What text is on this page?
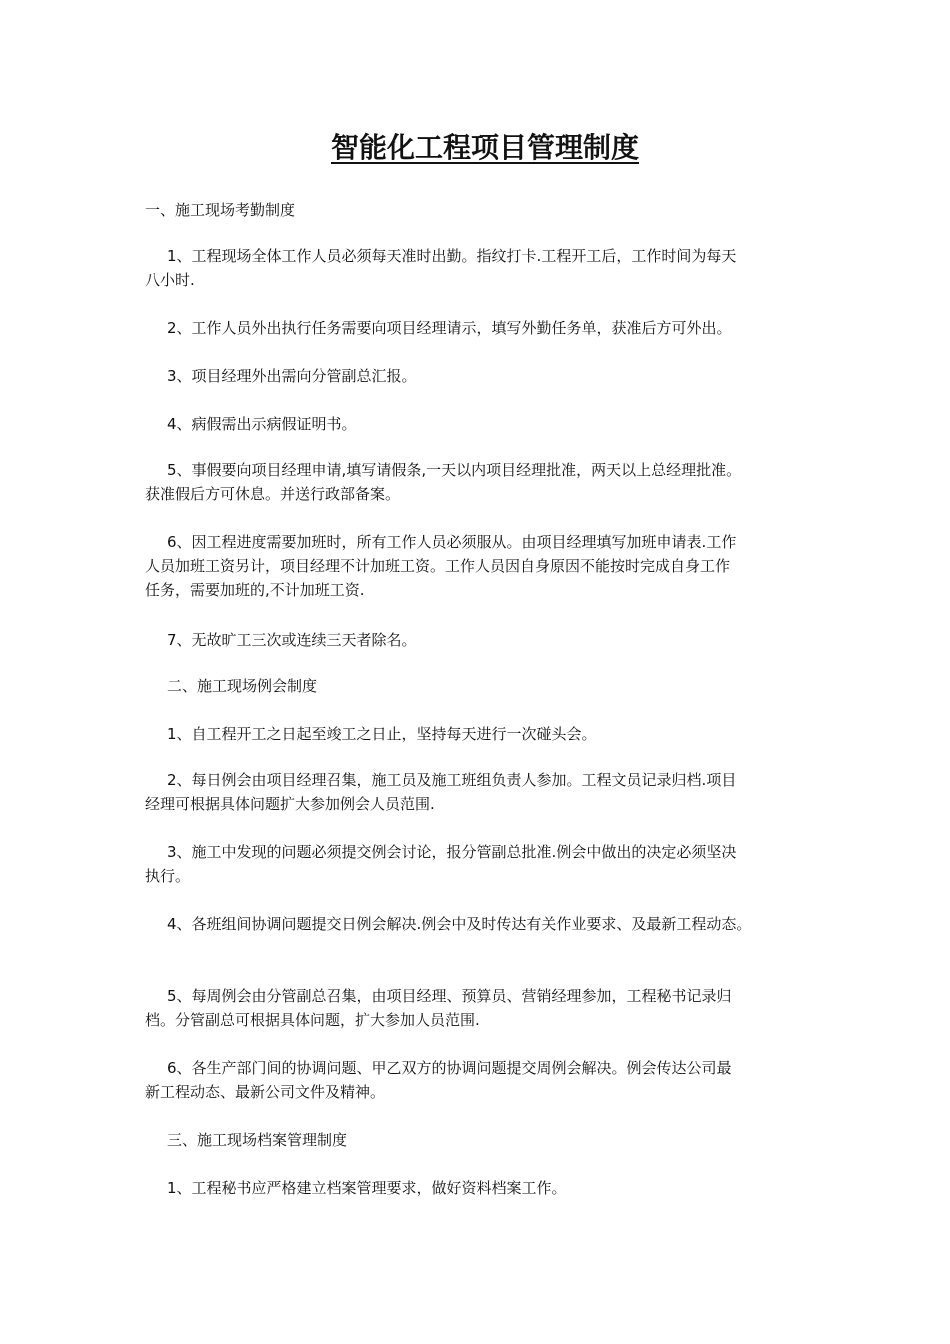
智能化工程项目管理制度

一、施工现场考勤制度

1、工程现场全体工作人员必须每天准时出勤。指纹打卡.工程开工后，工作时间为每天
八小时.

2、工作人员外出执行任务需要向项目经理请示，填写外勤任务单，获准后方可外出。

3、项目经理外出需向分管副总汇报。

4、病假需出示病假证明书。

5、事假要向项目经理申请,填写请假条,一天以内项目经理批准，两天以上总经理批准。
获准假后方可休息。并送行政部备案。

6、因工程进度需要加班时，所有工作人员必须服从。由项目经理填写加班申请表.工作
人员加班工资另计，项目经理不计加班工资。工作人员因自身原因不能按时完成自身工作
任务，需要加班的,不计加班工资.

7、无故旷工三次或连续三天者除名。

二、施工现场例会制度

1、自工程开工之日起至竣工之日止，坚持每天进行一次碰头会。

2、每日例会由项目经理召集，施工员及施工班组负责人参加。工程文员记录归档.项目
经理可根据具体问题扩大参加例会人员范围.

3、施工中发现的问题必须提交例会讨论，报分管副总批准.例会中做出的决定必须坚决
执行。

4、各班组间协调问题提交日例会解决.例会中及时传达有关作业要求、及最新工程动态。

5、每周例会由分管副总召集，由项目经理、预算员、营销经理参加，工程秘书记录归
档。分管副总可根据具体问题，扩大参加人员范围.

6、各生产部门间的协调问题、甲乙双方的协调问题提交周例会解决。例会传达公司最
新工程动态、最新公司文件及精神。

三、施工现场档案管理制度

1、工程秘书应严格建立档案管理要求，做好资料档案工作。
